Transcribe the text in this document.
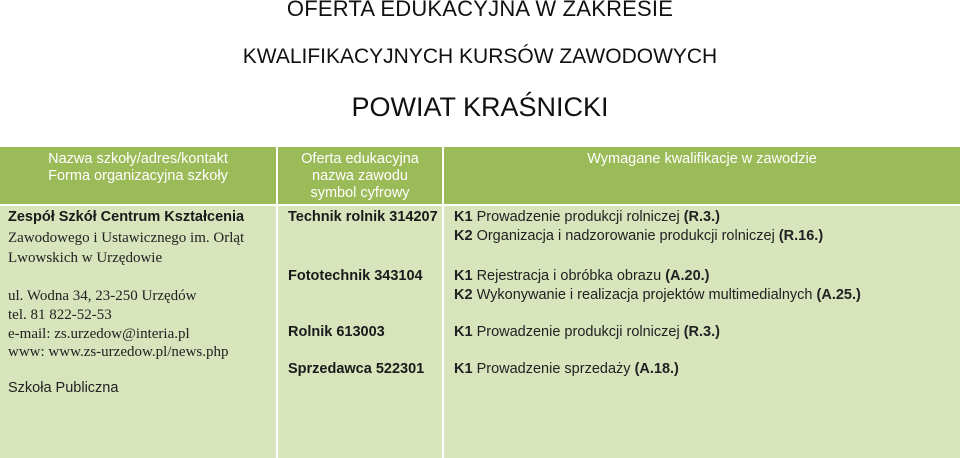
OFERTA EDUKACYJNA W ZAKRESIE
KWALIFIKACYJNYCH KURSÓW ZAWODOWYCH
POWIAT KRAŚNICKI
Nazwa szkoły/adres/kontakt
Forma organizacyjna szkoły
Oferta edukacyjna
nazwa zawodu
symbol cyfrowy
Wymagane kwalifikacje w zawodzie
Zespół Szkół Centrum Kształcenia
Zawodowego i Ustawicznego im. Orląt
Lwowskich w Urzędowie
ul. Wodna 34, 23-250 Urzędów
tel. 81 822-52-53
e-mail: zs.urzedow@interia.pl
www: www.zs-urzedow.pl/news.php
Szkoła Publiczna
Technik rolnik 314207
Fototechnik 343104
Rolnik 613003
Sprzedawca 522301
K1 Prowadzenie produkcji rolniczej (R.3.)
K2 Organizacja i nadzorowanie produkcji rolniczej (R.16.)
K1 Rejestracja i obróbka obrazu (A.20.)
K2 Wykonywanie i realizacja projektów multimedialnych (A.25.)
K1 Prowadzenie produkcji rolniczej (R.3.)
K1 Prowadzenie sprzedaży (A.18.)
